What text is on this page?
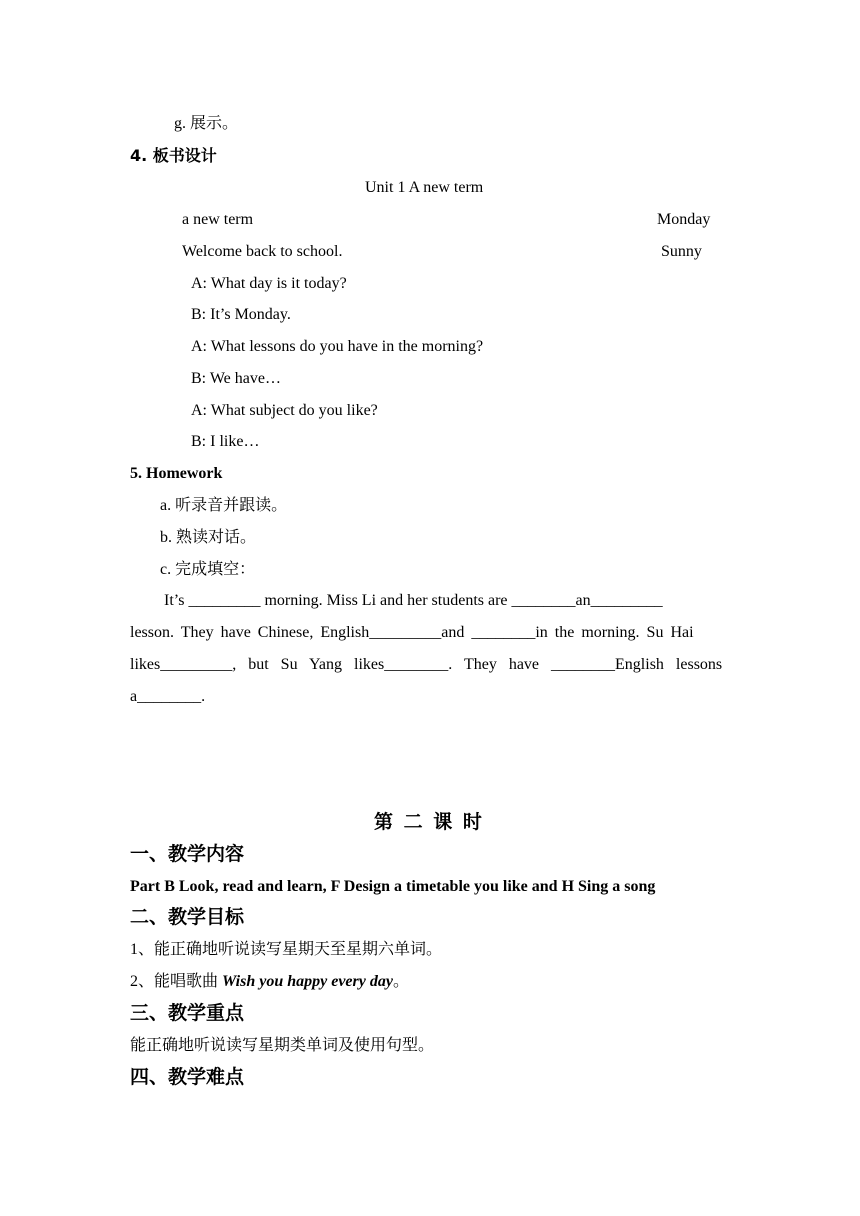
g. 展示。
4. 板书设计
Unit 1 A new term
a new term	Monday
Welcome back to school.	Sunny
A: What day is it today?
B: It’s Monday.
A: What lessons do you have in the morning?
B: We have…
A: What subject do you like?
B: I like…
5. Homework
a. 听录音并跟读。
b. 熟读对话。
c. 完成填空：
It’s _________ morning. Miss Li and her students are ________an_________
lesson. They have Chinese, English_________and ________in the morning. Su Hai
likes_________, but Su Yang likes________. They have ________English lessons
a________.
第 二 课 时
一、教学内容
Part B Look, read and learn, F Design a timetable you like and H Sing a song
二、教学目标
1、能正确地听说读写星期天至星期六单词。
2、能唱歌曲 Wish you happy every day。
三、教学重点
能正确地听说读写星期类单词及使用句型。
四、教学难点
